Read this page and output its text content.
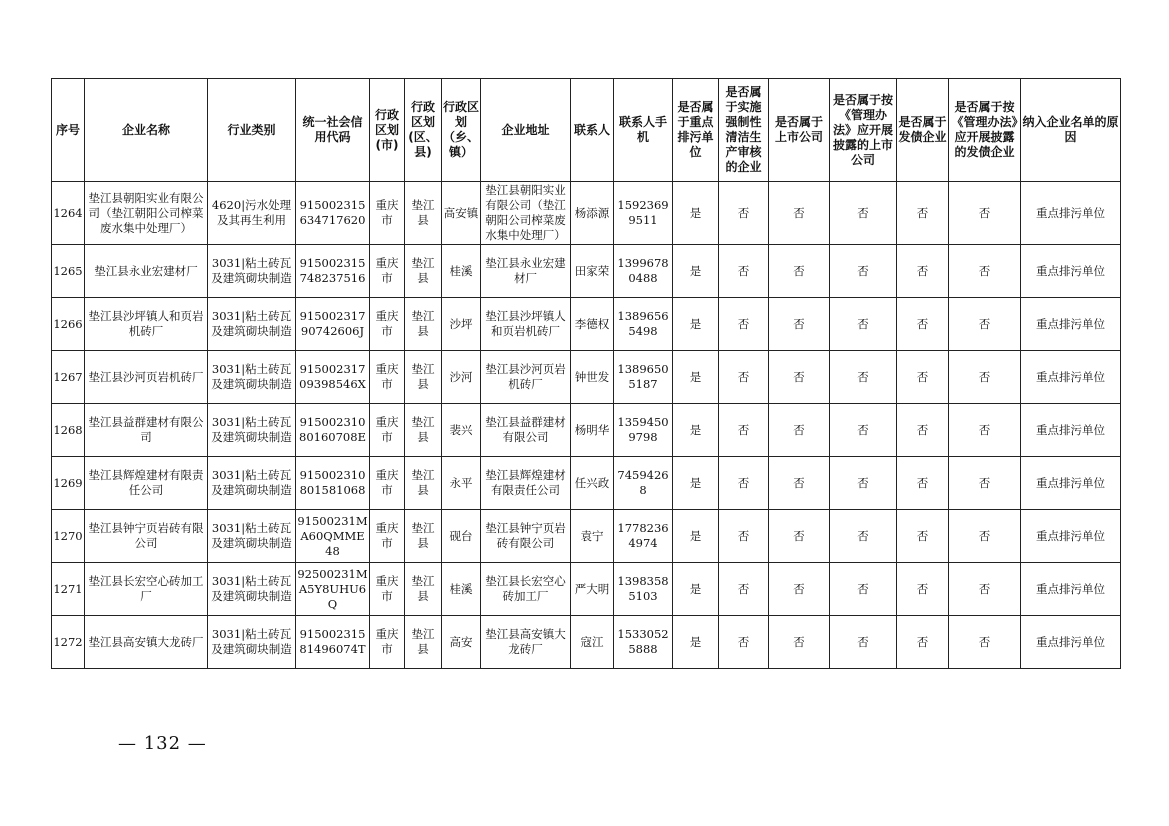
序号	企业名称	行业类别	统一社会信用代码	行政区划(市)	行政区划(区、县)	行政区划（乡、镇）	企业地址	联系人	联系人手机	是否属于重点排污单位	是否属于实施强制性清洁生产审核的企业	是否属于上市公司	是否属于按《管理办法》应开展披露的上市公司	是否属于发债企业	是否属于按《管理办法》应开展披露的发债企业	纳入企业名单的原因
1264	垫江县朝阳实业有限公司（垫江朝阳公司榨菜废水集中处理厂）	4620|污水处理及其再生利用	915002315634717620	重庆市	垫江县	高安镇	垫江县朝阳实业有限公司（垫江朝阳公司榨菜废水集中处理厂）	杨添源	15923699511	是	否	否	否	否	否	重点排污单位
1265	垫江县永业宏建材厂	3031|粘土砖瓦及建筑砌块制造	915002315748237516	重庆市	垫江县	桂溪	垫江县永业宏建材厂	田家荣	13996780488	是	否	否	否	否	否	重点排污单位
1266	垫江县沙坪镇人和页岩机砖厂	3031|粘土砖瓦及建筑砌块制造	91500231790742606J	重庆市	垫江县	沙坪	垫江县沙坪镇人和页岩机砖厂	李德权	13896565498	是	否	否	否	否	否	重点排污单位
1267	垫江县沙河页岩机砖厂	3031|粘土砖瓦及建筑砌块制造	91500231709398546X	重庆市	垫江县	沙河	垫江县沙河页岩机砖厂	钟世发	13896505187	是	否	否	否	否	否	重点排污单位
1268	垫江县益群建材有限公司	3031|粘土砖瓦及建筑砌块制造	91500231080160708E	重庆市	垫江县	裴兴	垫江县益群建材有限公司	杨明华	13594509798	是	否	否	否	否	否	重点排污单位
1269	垫江县辉煌建材有限责任公司	3031|粘土砖瓦及建筑砌块制造	915002310801581068	重庆市	垫江县	永平	垫江县辉煌建材有限责任公司	任兴政	74594268	是	否	否	否	否	否	重点排污单位
1270	垫江县钟宁页岩砖有限公司	3031|粘土砖瓦及建筑砌块制造	91500231MA60QMME48	重庆市	垫江县	砚台	垫江县钟宁页岩砖有限公司	袁宁	17782364974	是	否	否	否	否	否	重点排污单位
1271	垫江县长宏空心砖加工厂	3031|粘土砖瓦及建筑砌块制造	92500231MA5Y8UHU6Q	重庆市	垫江县	桂溪	垫江县长宏空心砖加工厂	严大明	13983585103	是	否	否	否	否	否	重点排污单位
1272	垫江县高安镇大龙砖厂	3031|粘土砖瓦及建筑砌块制造	91500231581496074T	重庆市	垫江县	高安	垫江县高安镇大龙砖厂	寇江	15330525888	是	否	否	否	否	否	重点排污单位
— 132 —
